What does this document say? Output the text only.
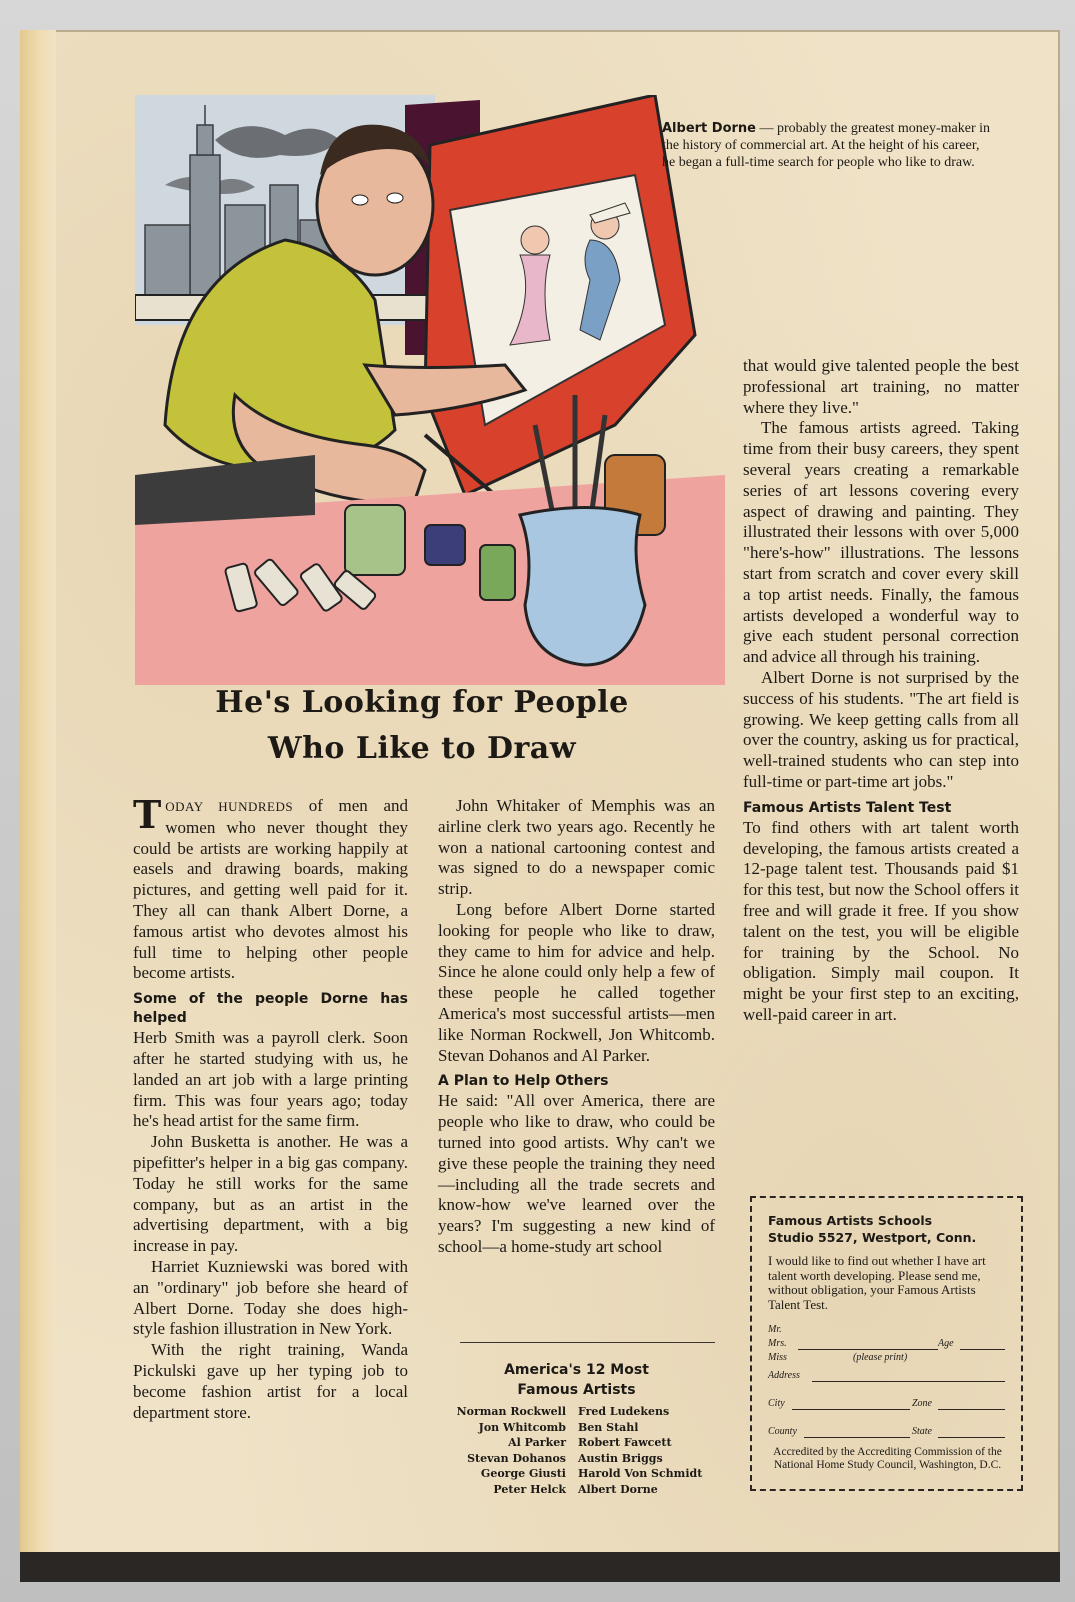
Albert Dorne — probably the greatest money-maker in the history of commercial art. At the height of his career, he began a full-time search for people who like to draw.
He's Looking for People
Who Like to Draw

TODAY HUNDREDS of men and women who never thought they could be artists are working happily at easels and drawing boards, making pictures, and getting well paid for it. They all can thank Albert Dorne, a famous artist who devotes almost his full time to helping other people become artists.

Some of the people Dorne has helped

Herb Smith was a payroll clerk. Soon after he started studying with us, he landed an art job with a large printing firm. This was four years ago; today he's head artist for the same firm.

John Busketta is another. He was a pipefitter's helper in a big gas company. Today he still works for the same company, but as an artist in the advertising department, with a big increase in pay.

Harriet Kuzniewski was bored with an "ordinary" job before she heard of Albert Dorne. Today she does high-style fashion illustration in New York.

With the right training, Wanda Pickulski gave up her typing job to become fashion artist for a local department store.

John Whitaker of Memphis was an airline clerk two years ago. Recently he won a national cartooning contest and was signed to do a newspaper comic strip.

Long before Albert Dorne started looking for people who like to draw, they came to him for advice and help. Since he alone could only help a few of these people he called together America's most successful artists—men like Norman Rockwell, Jon Whitcomb. Stevan Dohanos and Al Parker.

A Plan to Help Others

He said: "All over America, there are people who like to draw, who could be turned into good artists. Why can't we give these people the training they need—including all the trade secrets and know-how we've learned over the years? I'm suggesting a new kind of school—a home-study art school

America's 12 Most
Famous Artists
Norman Rockwell	Fred Ludekens
Jon Whitcomb	Ben Stahl
Al Parker	Robert Fawcett
Stevan Dohanos	Austin Briggs
George Giusti	Harold Von Schmidt
Peter Helck	Albert Dorne

that would give talented people the best professional art training, no matter where they live."

The famous artists agreed. Taking time from their busy careers, they spent several years creating a remarkable series of art lessons covering every aspect of drawing and painting. They illustrated their lessons with over 5,000 "here's-how" illustrations. The lessons start from scratch and cover every skill a top artist needs. Finally, the famous artists developed a wonderful way to give each student personal correction and advice all through his training.

Albert Dorne is not surprised by the success of his students. "The art field is growing. We keep getting calls from all over the country, asking us for practical, well-trained students who can step into full-time or part-time art jobs."

Famous Artists Talent Test

To find others with art talent worth developing, the famous artists created a 12-page talent test. Thousands paid $1 for this test, but now the School offers it free and will grade it free. If you show talent on the test, you will be eligible for training by the School. No obligation. Simply mail coupon. It might be your first step to an exciting, well-paid career in art.

Famous Artists Schools
Studio 5527, Westport, Conn.
I would like to find out whether I have art talent worth developing. Please send me, without obligation, your Famous Artists Talent Test.
Mr.
Mrs.	Age
Miss	(please print)
Address
City	Zone
County	State
Accredited by the Accrediting Commission of the National Home Study Council, Washington, D.C.
